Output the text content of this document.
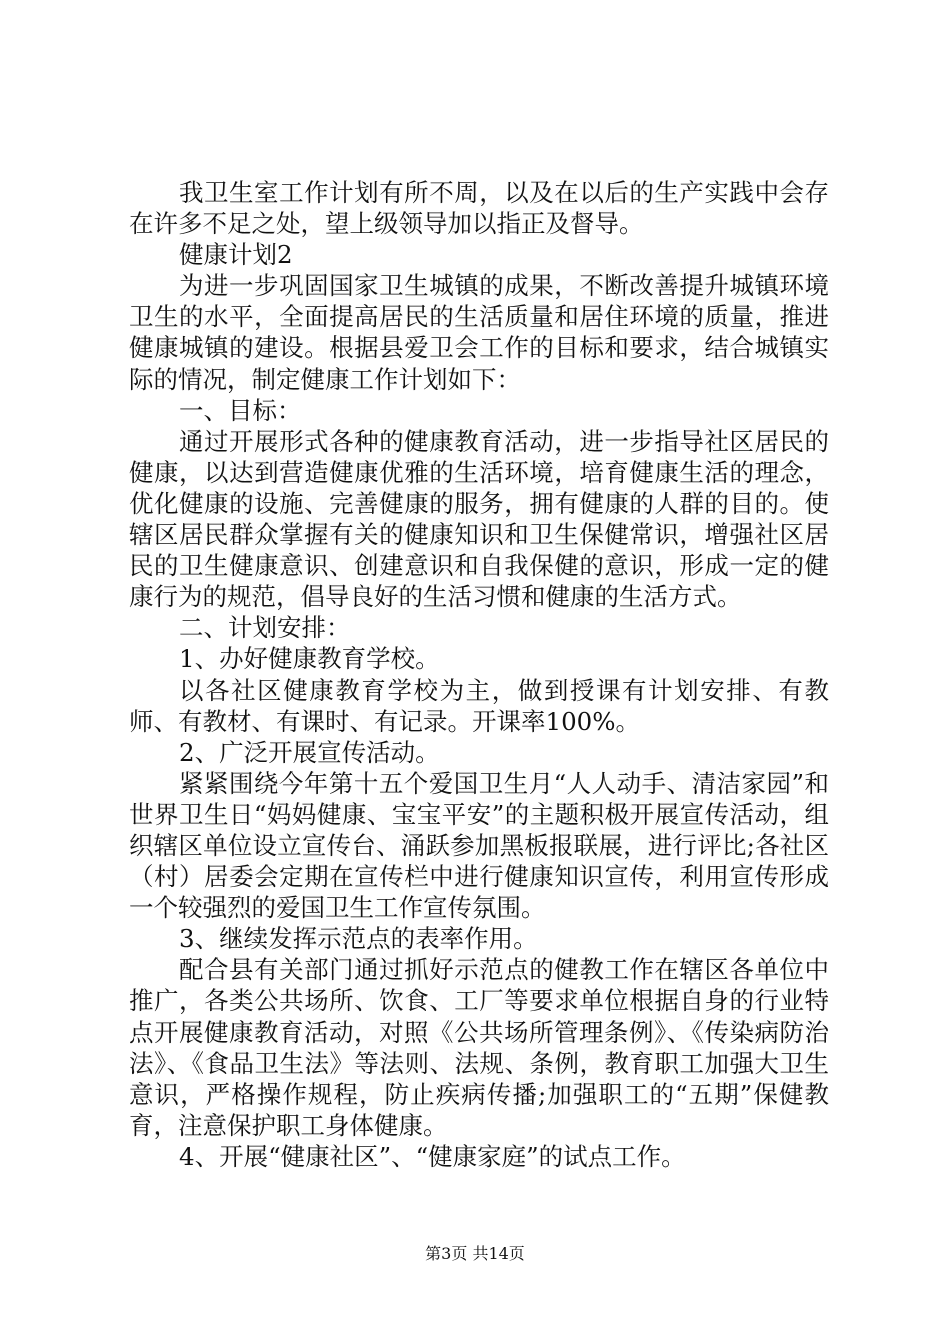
我卫生室工作计划有所不周，以及在以后的生产实践中会存在许多不足之处，望上级领导加以指正及督导。

健康计划2

为进一步巩固国家卫生城镇的成果，不断改善提升城镇环境卫生的水平，全面提高居民的生活质量和居住环境的质量，推进健康城镇的建设。根据县爱卫会工作的目标和要求，结合城镇实际的情况，制定健康工作计划如下：

一、目标：

通过开展形式各种的健康教育活动，进一步指导社区居民的健康，以达到营造健康优雅的生活环境，培育健康生活的理念，优化健康的设施、完善健康的服务，拥有健康的人群的目的。使辖区居民群众掌握有关的健康知识和卫生保健常识，增强社区居民的卫生健康意识、创建意识和自我保健的意识，形成一定的健康行为的规范，倡导良好的生活习惯和健康的生活方式。

二、计划安排：

1、办好健康教育学校。

以各社区健康教育学校为主，做到授课有计划安排、有教师、有教材、有课时、有记录。开课率100%。

2、广泛开展宣传活动。

紧紧围绕今年第十五个爱国卫生月“人人动手、清洁家园”和世界卫生日“妈妈健康、宝宝平安”的主题积极开展宣传活动，组织辖区单位设立宣传台、涌跃参加黑板报联展，进行评比;各社区（村）居委会定期在宣传栏中进行健康知识宣传，利用宣传形成一个较强烈的爱国卫生工作宣传氛围。

3、继续发挥示范点的表率作用。

配合县有关部门通过抓好示范点的健教工作在辖区各单位中推广，各类公共场所、饮食、工厂等要求单位根据自身的行业特点开展健康教育活动，对照《公共场所管理条例》、《传染病防治法》、《食品卫生法》等法则、法规、条例，教育职工加强大卫生意识，严格操作规程，防止疾病传播;加强职工的“五期”保健教育，注意保护职工身体健康。

4、开展“健康社区”、“健康家庭”的试点工作。

第3页 共14页
